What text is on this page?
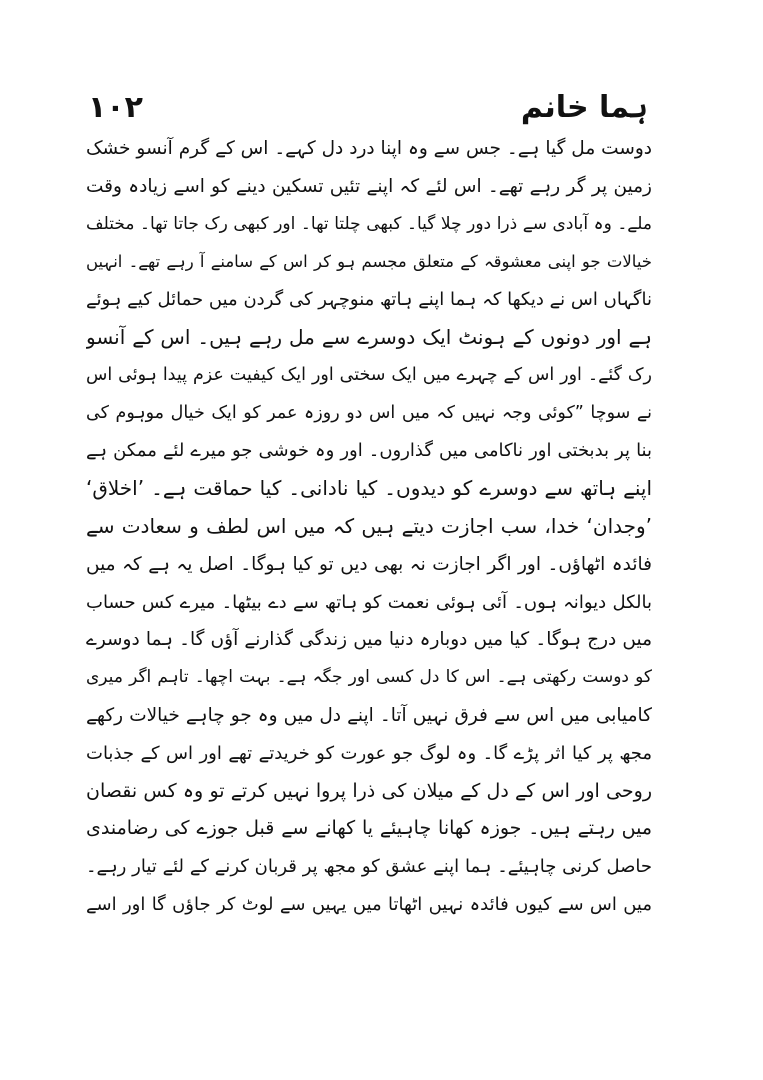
ہما خانم
۱۰۲
دوست مل گیا ہے۔ جس سے وہ اپنا درد دل کہے۔ اس کے گرم آنسو خشک
زمین پر گر رہے تھے۔ اس لئے کہ اپنے تئیں تسکین دینے کو اسے زیادہ وقت
ملے۔ وہ آبادی سے ذرا دور چلا گیا۔ کبھی چلتا تھا۔ اور کبھی رک جاتا تھا۔ مختلف
خیالات جو اپنی معشوقہ کے متعلق مجسم ہو کر اس کے سامنے آ رہے تھے۔ انہیں
ناگہاں اس نے دیکھا کہ ہما اپنے ہاتھ منوچہر کی گردن میں حمائل کیے ہوئے
ہے اور دونوں کے ہونٹ ایک دوسرے سے مل رہے ہیں۔ اس کے آنسو
رک گئے۔ اور اس کے چہرے میں ایک سختی اور ایک کیفیت عزم پیدا ہوئی اس
نے سوچا ”کوئی وجہ نہیں کہ میں اس دو روزہ عمر کو ایک خیال موہوم کی
بنا پر بدبختی اور ناکامی میں گذاروں۔ اور وہ خوشی جو میرے لئے ممکن ہے
اپنے ہاتھ سے دوسرے کو دیدوں۔ کیا نادانی۔ کیا حماقت ہے۔ ’اخلاق‘
’وجدان‘ خدا، سب اجازت دیتے ہیں کہ میں اس لطف و سعادت سے
فائدہ اٹھاؤں۔ اور اگر اجازت نہ بھی دیں تو کیا ہوگا۔ اصل یہ ہے کہ میں
بالکل دیوانہ ہوں۔ آئی ہوئی نعمت کو ہاتھ سے دے بیٹھا۔ میرے کس حساب
میں درج ہوگا۔ کیا میں دوبارہ دنیا میں زندگی گذارنے آؤں گا۔ ہما دوسرے
کو دوست رکھتی ہے۔ اس کا دل کسی اور جگہ ہے۔ بہت اچھا۔ تاہم اگر میری
کامیابی میں اس سے فرق نہیں آتا۔ اپنے دل میں وہ جو چاہے خیالات رکھے
مجھ پر کیا اثر پڑے گا۔ وہ لوگ جو عورت کو خریدتے تھے اور اس کے جذبات
روحی اور اس کے دل کے میلان کی ذرا پروا نہیں کرتے تو وہ کس نقصان
میں رہتے ہیں۔ جوزہ کھانا چاہیئے یا کھانے سے قبل جوزے کی رضامندی
حاصل کرنی چاہیئے۔ ہما اپنے عشق کو مجھ پر قربان کرنے کے لئے تیار رہے۔
میں اس سے کیوں فائدہ نہیں اٹھاتا میں یہیں سے لوٹ کر جاؤں گا اور اسے
